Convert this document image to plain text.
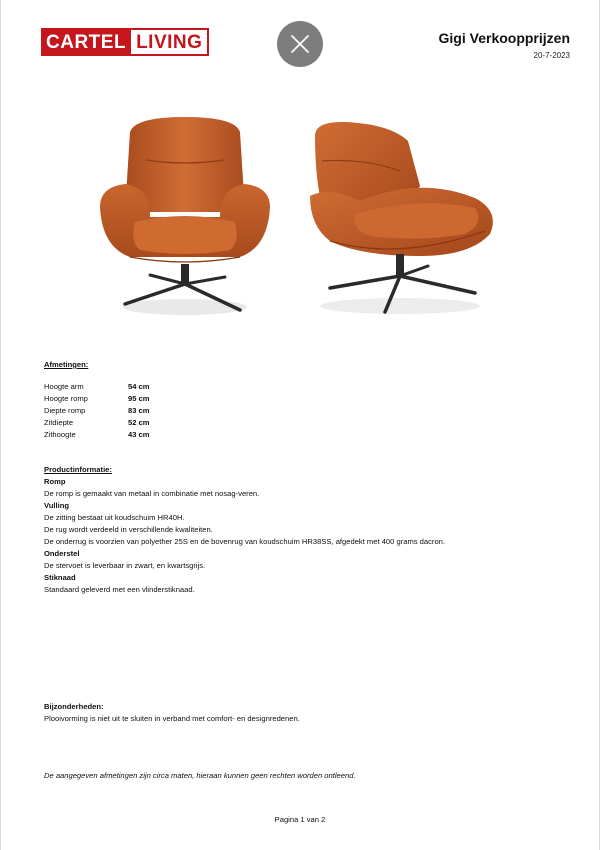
CARTEL LIVING	Gigi Verkoopprijzen
20-7-2023
Afmetingen:
Hoogte arm	54 cm
Hoogte romp	95 cm
Diepte romp	83 cm
Zitdiepte	52 cm
Zithoogte	43 cm
Productinformatie:
Romp
De romp is gemaakt van metaal in combinatie met nosag-veren.
Vulling
De zitting bestaat uit koudschuim HR40H.
De rug wordt verdeeld in verschillende kwaliteiten.
De onderrug is voorzien van polyether 25S en de bovenrug van koudschuim HR38SS, afgedekt met 400 grams dacron.
Onderstel
De stervoet is leverbaar in zwart, en kwartsgrijs.
Stiknaad
Standaard geleverd met een vlinderstiknaad.
Bijzonderheden:
Plooivorming is niet uit te sluiten in verband met comfort- en designredenen.
De aangegeven afmetingen zijn circa maten, hieraan kunnen geen rechten worden ontleend.
Pagina 1 van 2
